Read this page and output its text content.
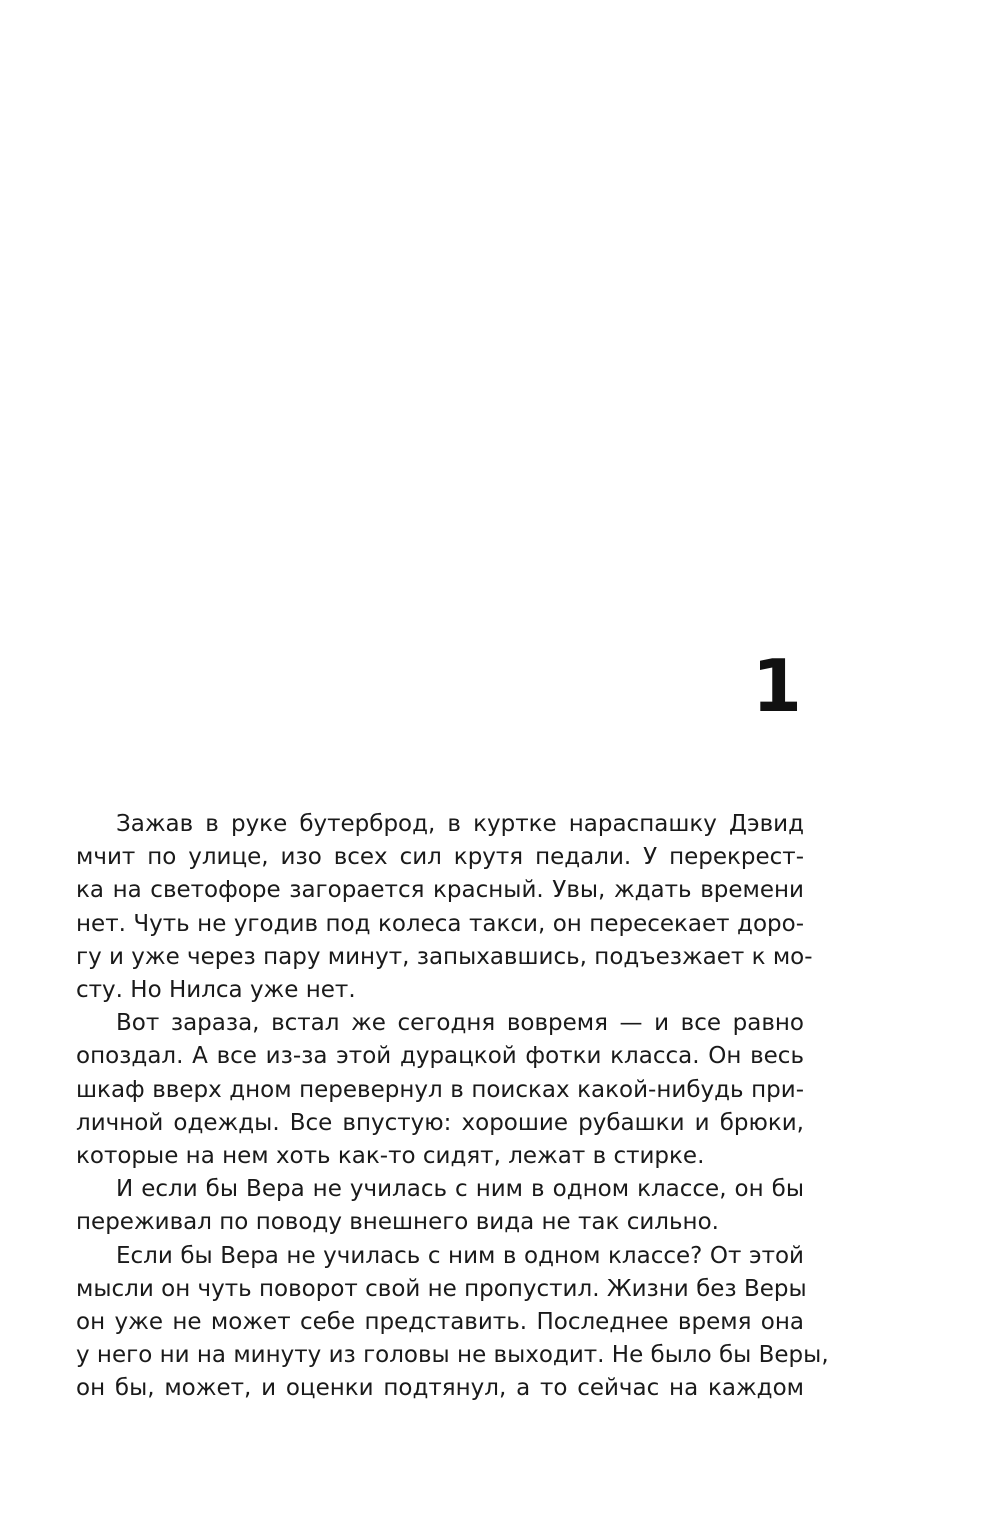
1

Зажав в руке бутерброд, в куртке нараспашку Дэвид
мчит по улице, изо всех сил крутя педали. У перекрест-
ка на светофоре загорается красный. Увы, ждать времени
нет. Чуть не угодив под колеса такси, он пересекает доро-
гу и уже через пару минут, запыхавшись, подъезжает к мо-
сту. Но Нилса уже нет.

Вот зараза, встал же сегодня вовремя — и все равно
опоздал. А все из-за этой дурацкой фотки класса. Он весь
шкаф вверх дном перевернул в поисках какой-нибудь при-
личной одежды. Все впустую: хорошие рубашки и брюки,
которые на нем хоть как-то сидят, лежат в стирке.

И если бы Вера не училась с ним в одном классе, он бы
переживал по поводу внешнего вида не так сильно.

Если бы Вера не училась с ним в одном классе? От этой
мысли он чуть поворот свой не пропустил. Жизни без Веры
он уже не может себе представить. Последнее время она
у него ни на минуту из головы не выходит. Не было бы Веры,
он бы, может, и оценки подтянул, а то сейчас на каждом
